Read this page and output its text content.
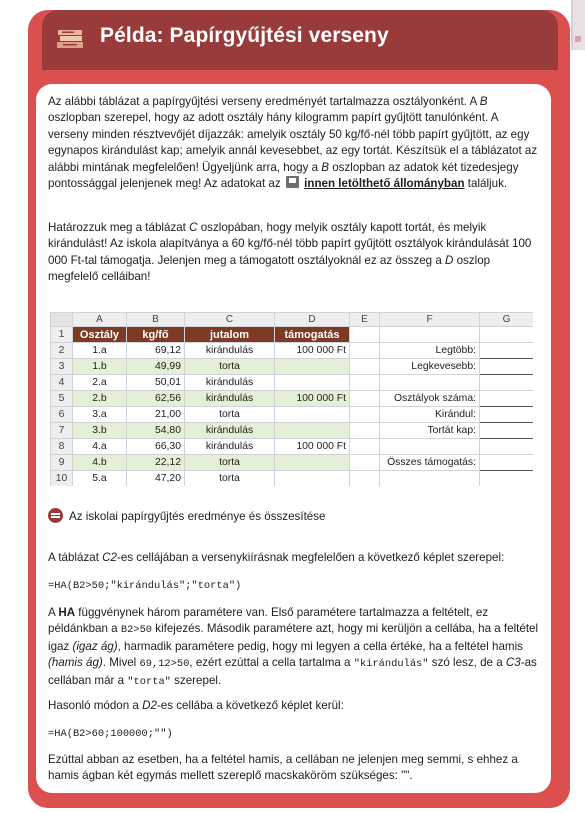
Példa: Papírgyűjtési verseny

Az alábbi táblázat a papírgyűjtési verseny eredményét tartalmazza osztályonként. A B oszlopban szerepel, hogy az adott osztály hány kilogramm papírt gyűjtött tanulónként. A verseny minden résztvevőjét díjazzák: amelyik osztály 50 kg/fő-nél több papírt gyűjtött, az egy egynapos kirándulást kap; amelyik annál kevesebbet, az egy tortát. Készítsük el a táblázatot az alábbi mintának megfelelően! Ügyeljünk arra, hogy a B oszlopban az adatok két tizedesjegy pontossággal jelenjenek meg! Az adatokat az  innen letölthető állományban találjuk.

Határozzuk meg a táblázat C oszlopában, hogy melyik osztály kapott tortát, és melyik kirándulást! Az iskola alapítványa a 60 kg/fő-nél több papírt gyűjtött osztályok kirándulását 100 000 Ft-tal támogatja. Jelenjen meg a támogatott osztályoknál ez az összeg a D oszlop megfelelő celláiban!

	A	B	C	D	E	F	G
1	Osztály	kg/fő	jutalom	támogatás			
2	1.a	69,12	kirándulás	100 000 Ft		Legtöbb:	
3	1.b	49,99	torta			Legkevesebb:	
4	2.a	50,01	kirándulás				
5	2.b	62,56	kirándulás	100 000 Ft		Osztályok száma:	
6	3.a	21,00	torta			Kirándul:	
7	3.b	54,80	kirándulás			Tortát kap:	
8	4.a	66,30	kirándulás	100 000 Ft			
9	4.b	22,12	torta			Összes támogatás:	
10	5.a	47,20	torta				
Az iskolai papírgyűjtés eredménye és összesítése

A táblázat C2-es cellájában a versenykiírásnak megfelelően a következő képlet szerepel:

=HA(B2>50;"kirándulás";"torta")

A HA függvénynek három paramétere van. Első paramétere tartalmazza a feltételt, ez példánkban a B2>50 kifejezés. Második paramétere azt, hogy mi kerüljön a cellába, ha a feltétel igaz (igaz ág), harmadik paramétere pedig, hogy mi legyen a cella értéke, ha a feltétel hamis (hamis ág). Mivel 69,12>50, ezért ezúttal a cella tartalma a "kirándulás" szó lesz, de a C3-as cellában már a "torta" szerepel.

Hasonló módon a D2-es cellába a következő képlet kerül:

=HA(B2>60;100000;"")

Ezúttal abban az esetben, ha a feltétel hamis, a cellában ne jelenjen meg semmi, s ehhez a hamis ágban két egymás mellett szereplő macskaköröm szükséges: "".
